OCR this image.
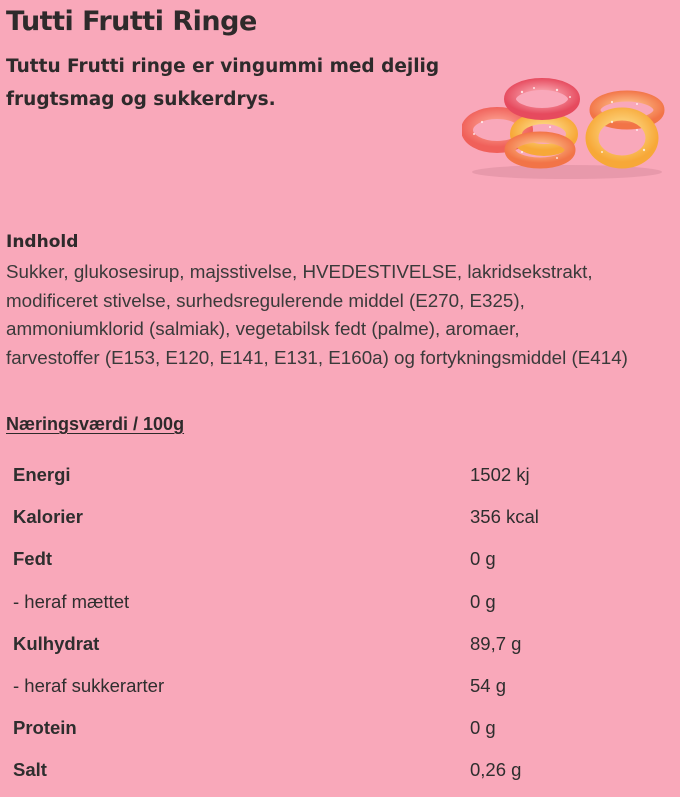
Tutti Frutti Ringe

Tuttu Frutti ringe er vingummi med dejlig
frugtsmag og sukkerdrys.

Indhold

Sukker, glukosesirup, majsstivelse, HVEDESTIVELSE, lakridsekstrakt,
modificeret stivelse, surhedsregulerende middel (E270, E325),
ammoniumklorid (salmiak), vegetabilsk fedt (palme), aromaer,
farvestoffer (E153, E120, E141, E131, E160a) og fortykningsmiddel (E414)

Næringsværdi / 100g
Energi	1502 kj
Kalorier	356 kcal
Fedt	0 g
- heraf mættet	0 g
Kulhydrat	89,7 g
- heraf sukkerarter	54 g
Protein	0 g
Salt	0,26 g
